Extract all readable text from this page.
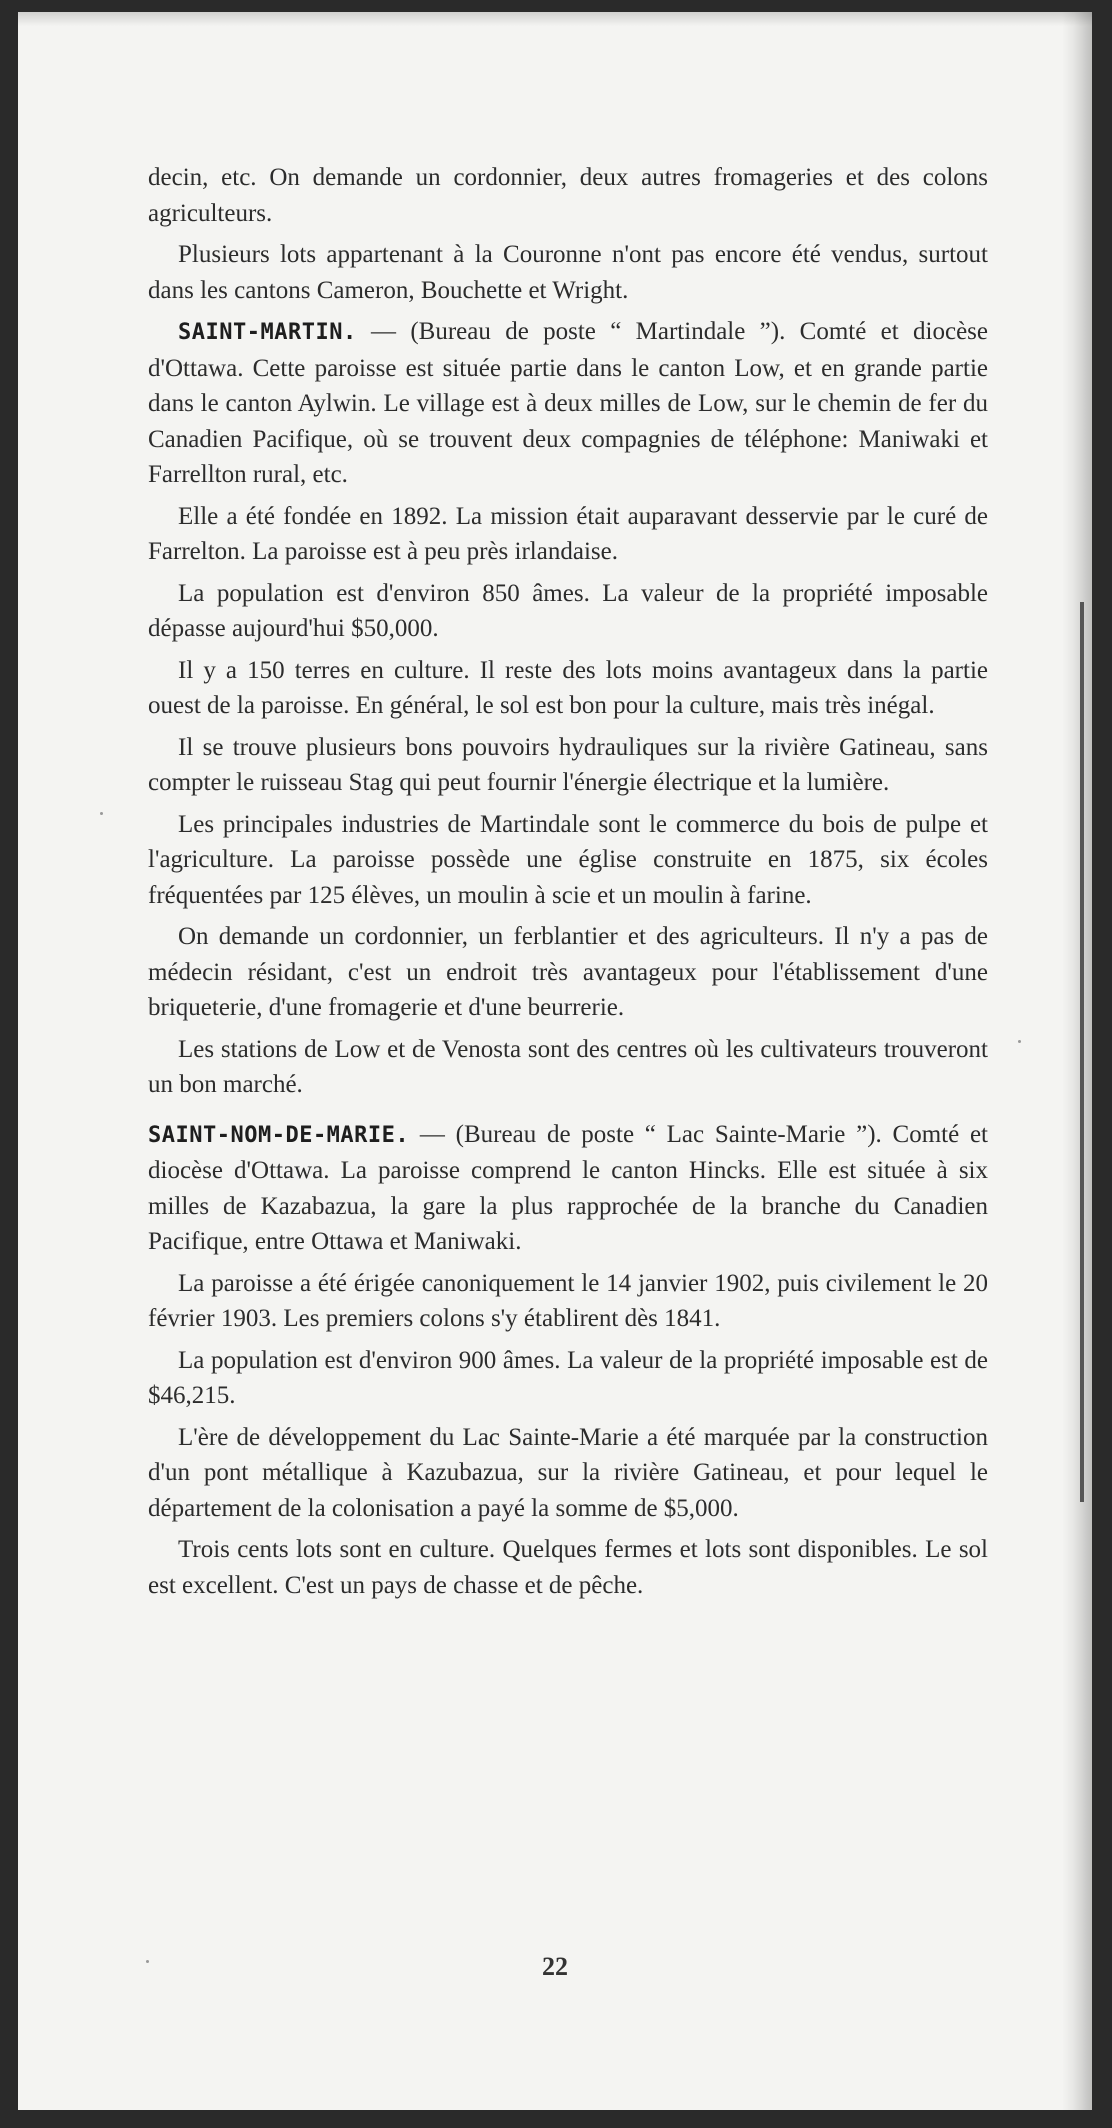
decin, etc. On demande un cordonnier, deux autres fromageries et des colons agriculteurs.

Plusieurs lots appartenant à la Couronne n'ont pas encore été vendus, surtout dans les cantons Cameron, Bouchette et Wright.

SAINT-MARTIN. — (Bureau de poste “ Martindale ”). Comté et diocèse d'Ottawa. Cette paroisse est située partie dans le canton Low, et en grande partie dans le canton Aylwin. Le village est à deux milles de Low, sur le chemin de fer du Canadien Pacifique, où se trouvent deux compagnies de téléphone: Maniwaki et Farrellton rural, etc.

Elle a été fondée en 1892. La mission était auparavant desservie par le curé de Farrelton. La paroisse est à peu près irlandaise.

La population est d'environ 850 âmes. La valeur de la propriété imposable dépasse aujourd'hui $50,000.

Il y a 150 terres en culture. Il reste des lots moins avantageux dans la partie ouest de la paroisse. En général, le sol est bon pour la culture, mais très inégal.

Il se trouve plusieurs bons pouvoirs hydrauliques sur la rivière Gatineau, sans compter le ruisseau Stag qui peut fournir l'énergie électrique et la lumière.

Les principales industries de Martindale sont le commerce du bois de pulpe et l'agriculture. La paroisse possède une église construite en 1875, six écoles fréquentées par 125 élèves, un moulin à scie et un moulin à farine.

On demande un cordonnier, un ferblantier et des agriculteurs. Il n'y a pas de médecin résidant, c'est un endroit très avantageux pour l'établissement d'une briqueterie, d'une fromagerie et d'une beurrerie.

Les stations de Low et de Venosta sont des centres où les cultivateurs trouveront un bon marché.

SAINT-NOM-DE-MARIE. — (Bureau de poste “ Lac Sainte-Marie ”). Comté et diocèse d'Ottawa. La paroisse comprend le canton Hincks. Elle est située à six milles de Kazabazua, la gare la plus rapprochée de la branche du Canadien Pacifique, entre Ottawa et Maniwaki.

La paroisse a été érigée canoniquement le 14 janvier 1902, puis civilement le 20 février 1903. Les premiers colons s'y établirent dès 1841.

La population est d'environ 900 âmes. La valeur de la propriété imposable est de $46,215.

L'ère de développement du Lac Sainte-Marie a été marquée par la construction d'un pont métallique à Kazubazua, sur la rivière Gatineau, et pour lequel le département de la colonisation a payé la somme de $5,000.

Trois cents lots sont en culture. Quelques fermes et lots sont disponibles. Le sol est excellent. C'est un pays de chasse et de pêche.

22
